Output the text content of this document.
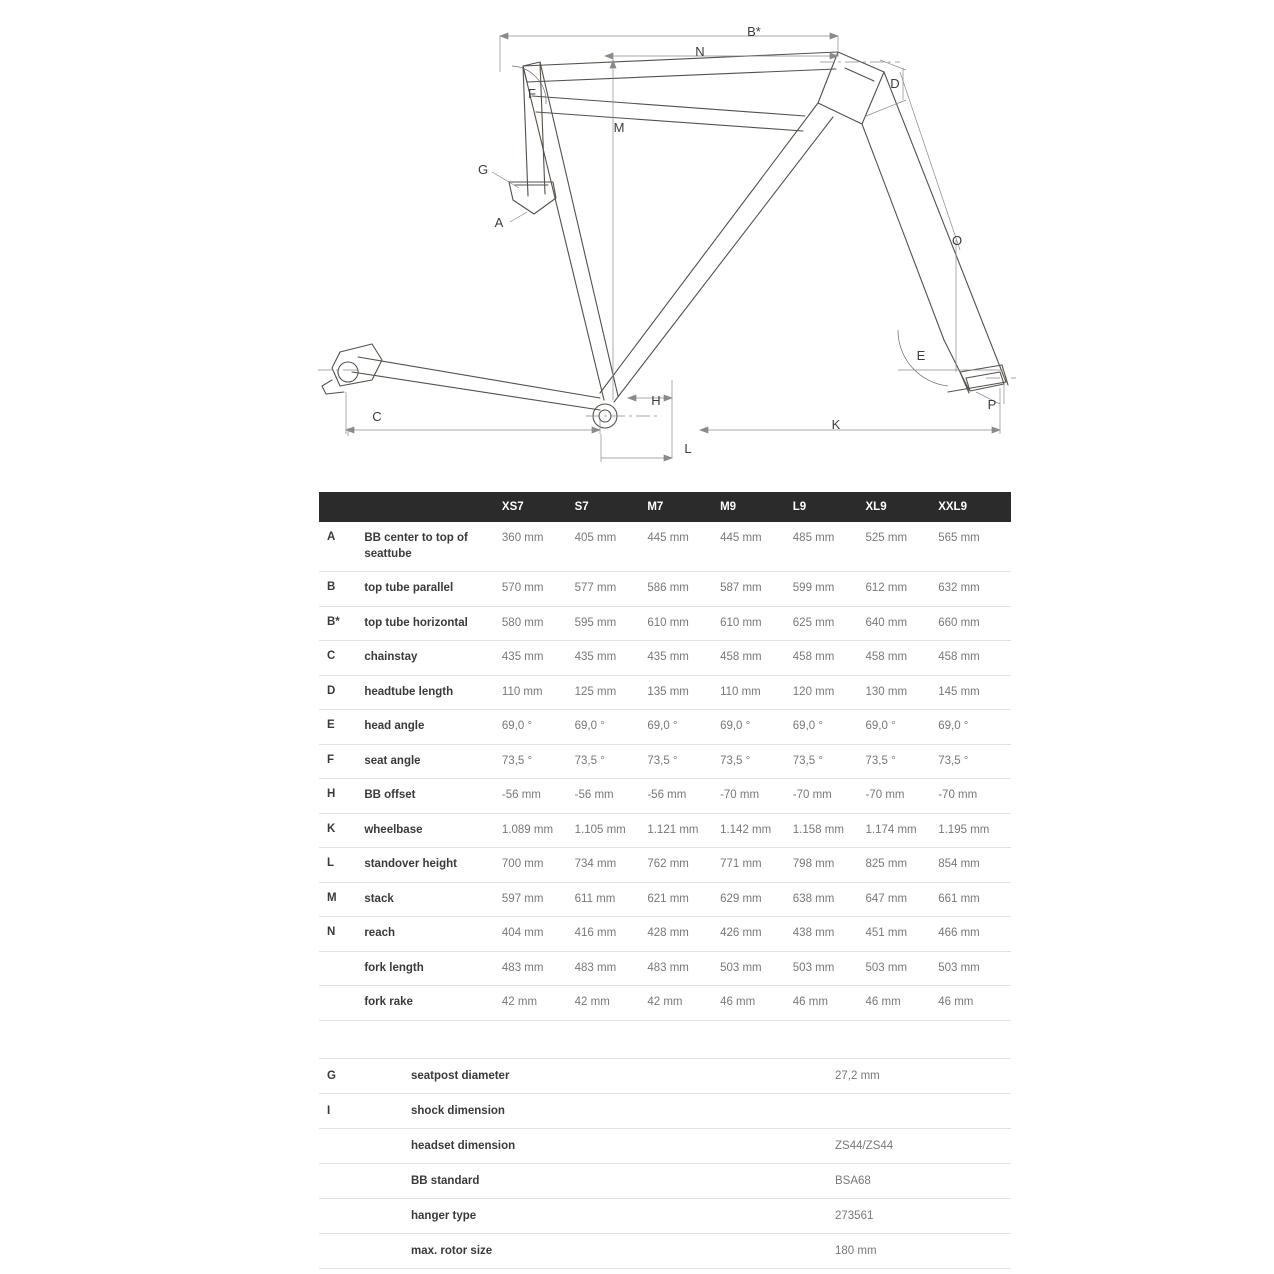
B*
N
M
F
G
A
C
H
L
K
D
O
E
P
		XS7	S7	M7	M9	L9	XL9	XXL9
A	BB center to top of seattube	360 mm	405 mm	445 mm	445 mm	485 mm	525 mm	565 mm
B	top tube parallel	570 mm	577 mm	586 mm	587 mm	599 mm	612 mm	632 mm
B*	top tube horizontal	580 mm	595 mm	610 mm	610 mm	625 mm	640 mm	660 mm
C	chainstay	435 mm	435 mm	435 mm	458 mm	458 mm	458 mm	458 mm
D	headtube length	110 mm	125 mm	135 mm	110 mm	120 mm	130 mm	145 mm
E	head angle	69,0 °	69,0 °	69,0 °	69,0 °	69,0 °	69,0 °	69,0 °
F	seat angle	73,5 °	73,5 °	73,5 °	73,5 °	73,5 °	73,5 °	73,5 °
H	BB offset	-56 mm	-56 mm	-56 mm	-70 mm	-70 mm	-70 mm	-70 mm
K	wheelbase	1.089 mm	1.105 mm	1.121 mm	1.142 mm	1.158 mm	1.174 mm	1.195 mm
L	standover height	700 mm	734 mm	762 mm	771 mm	798 mm	825 mm	854 mm
M	stack	597 mm	611 mm	621 mm	629 mm	638 mm	647 mm	661 mm
N	reach	404 mm	416 mm	428 mm	426 mm	438 mm	451 mm	466 mm
	fork length	483 mm	483 mm	483 mm	503 mm	503 mm	503 mm	503 mm
	fork rake	42 mm	42 mm	42 mm	46 mm	46 mm	46 mm	46 mm
G	seatpost diameter	27,2 mm
I	shock dimension	
	headset dimension	ZS44/ZS44
	BB standard	BSA68
	hanger type	273561
	max. rotor size	180 mm
